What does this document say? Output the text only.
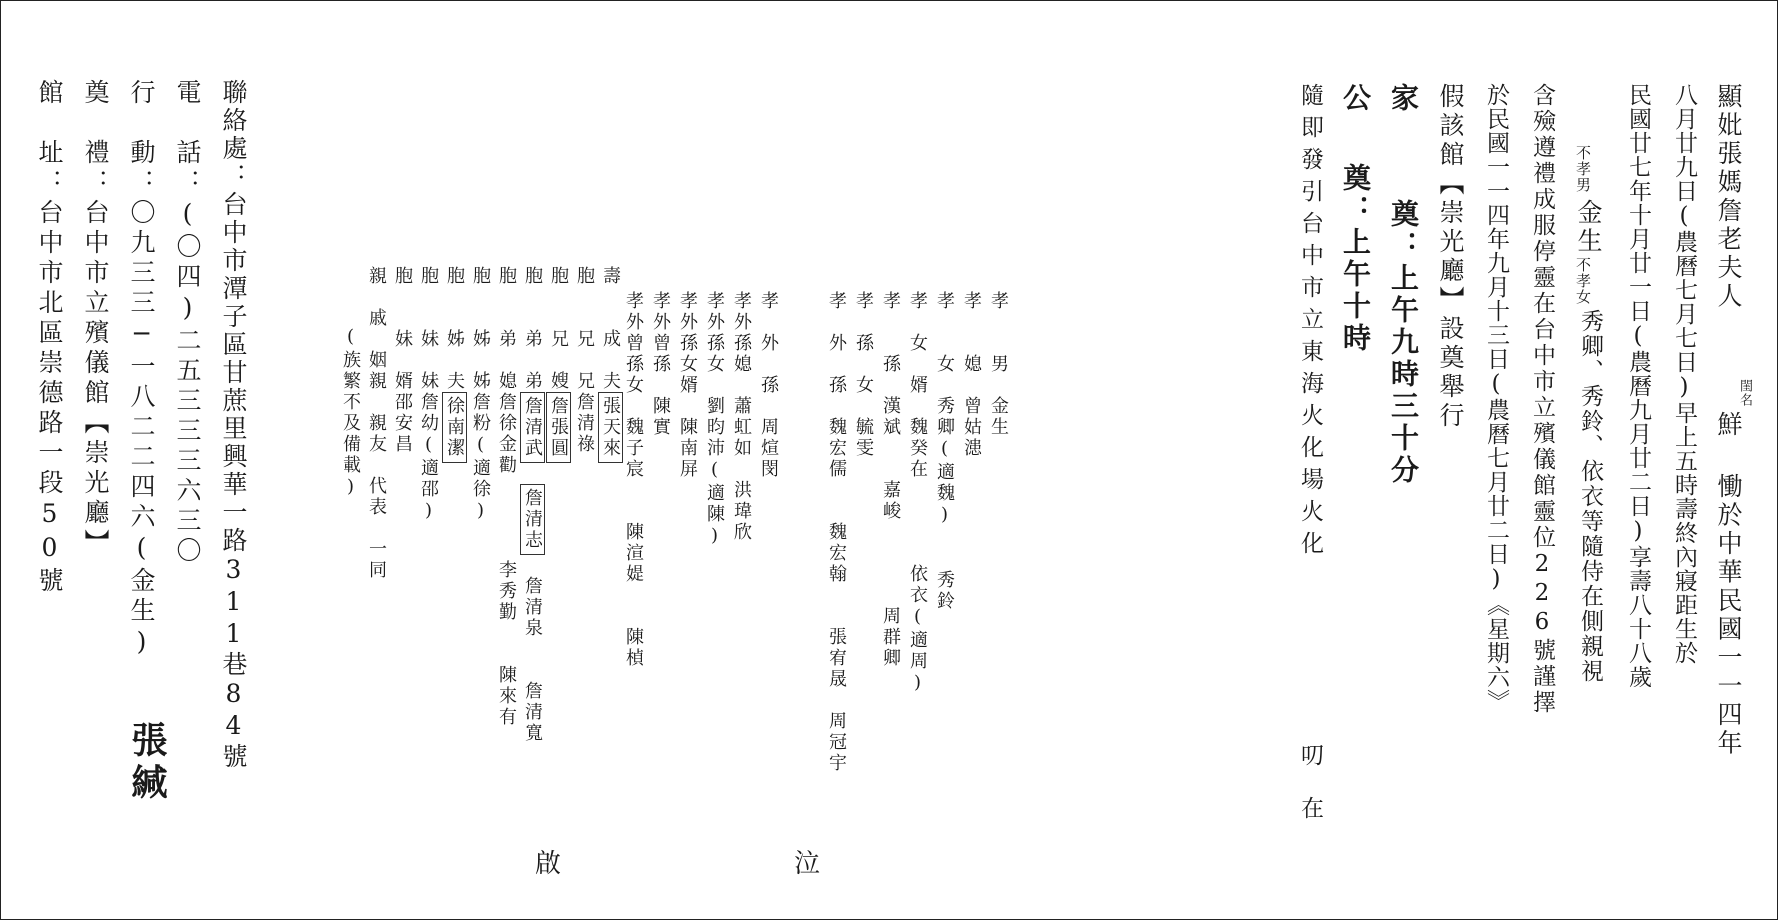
顯妣張媽詹老夫人
閨名
鮮

慟於中華民國一一四年
八月廿九日(農曆七月七日)早上五時壽終內寢距生於
民國廿七年十月廿一日(農曆九月廿二日)享壽八十八歲
不孝男
金生
不孝女
秀卿、秀鈴、依衣等隨侍在側親視
含殮遵禮成服停靈在台中市立殯儀館靈位226號謹擇
於民國一一四年九月十三日(農曆七月廿二日)《星期六》
假該館【崇光廳】設奠舉行
家
奠：上午九時三十分
公
奠：上午十時
隨即發引台中市立東海火化場火化
叨　在
孝　　男　金生
孝　　媳　曾姑漶
孝　　女　秀卿(適魏)　　秀鈴
孝　女　婿　魏癸在　　　　依衣(適周)
孝　　孫　漢斌　　嘉峻　　　　周群卿
孝　孫　女　毓雯
孝　外　孫　魏宏儒　　魏宏翰　　張宥晟　周冠宇
孝　外　孫　周煊閔
孝外孫媳　蕭虹如　洪瑋欣
孝外孫女　劉昀沛(適陳)
孝外孫女婿　陳南屏
孝外曾孫　陳實
孝外曾孫女　魏子宸　　陳渲媞　　陳楨
壽　　成　夫張天來
胞　　兄　兄詹清祿
胞　　兄　嫂詹張圓
胞　　弟　弟詹清武　詹清志　詹清泉　　詹清寬
胞　　弟　媳詹徐金勸　　　　李秀勤　　陳來有
胞　　姊　姊詹粉(適徐)
胞　　姊　夫徐南潔
胞　　妹　妹詹幼(適邵)
胞　　妹　婿邵安昌
親　戚　姻親　親友　代表　一同
(族繁不及備載)
泣
啟
聯絡處：台中市潭子區甘蔗里興華一路311巷84號
電　話：(〇四)二五三三三六三〇
行　動：〇九三三─一八二二四六(金生)
張緘
奠　禮：台中市立殯儀館【崇光廳】
館　址：台中市北區崇德路一段50號
